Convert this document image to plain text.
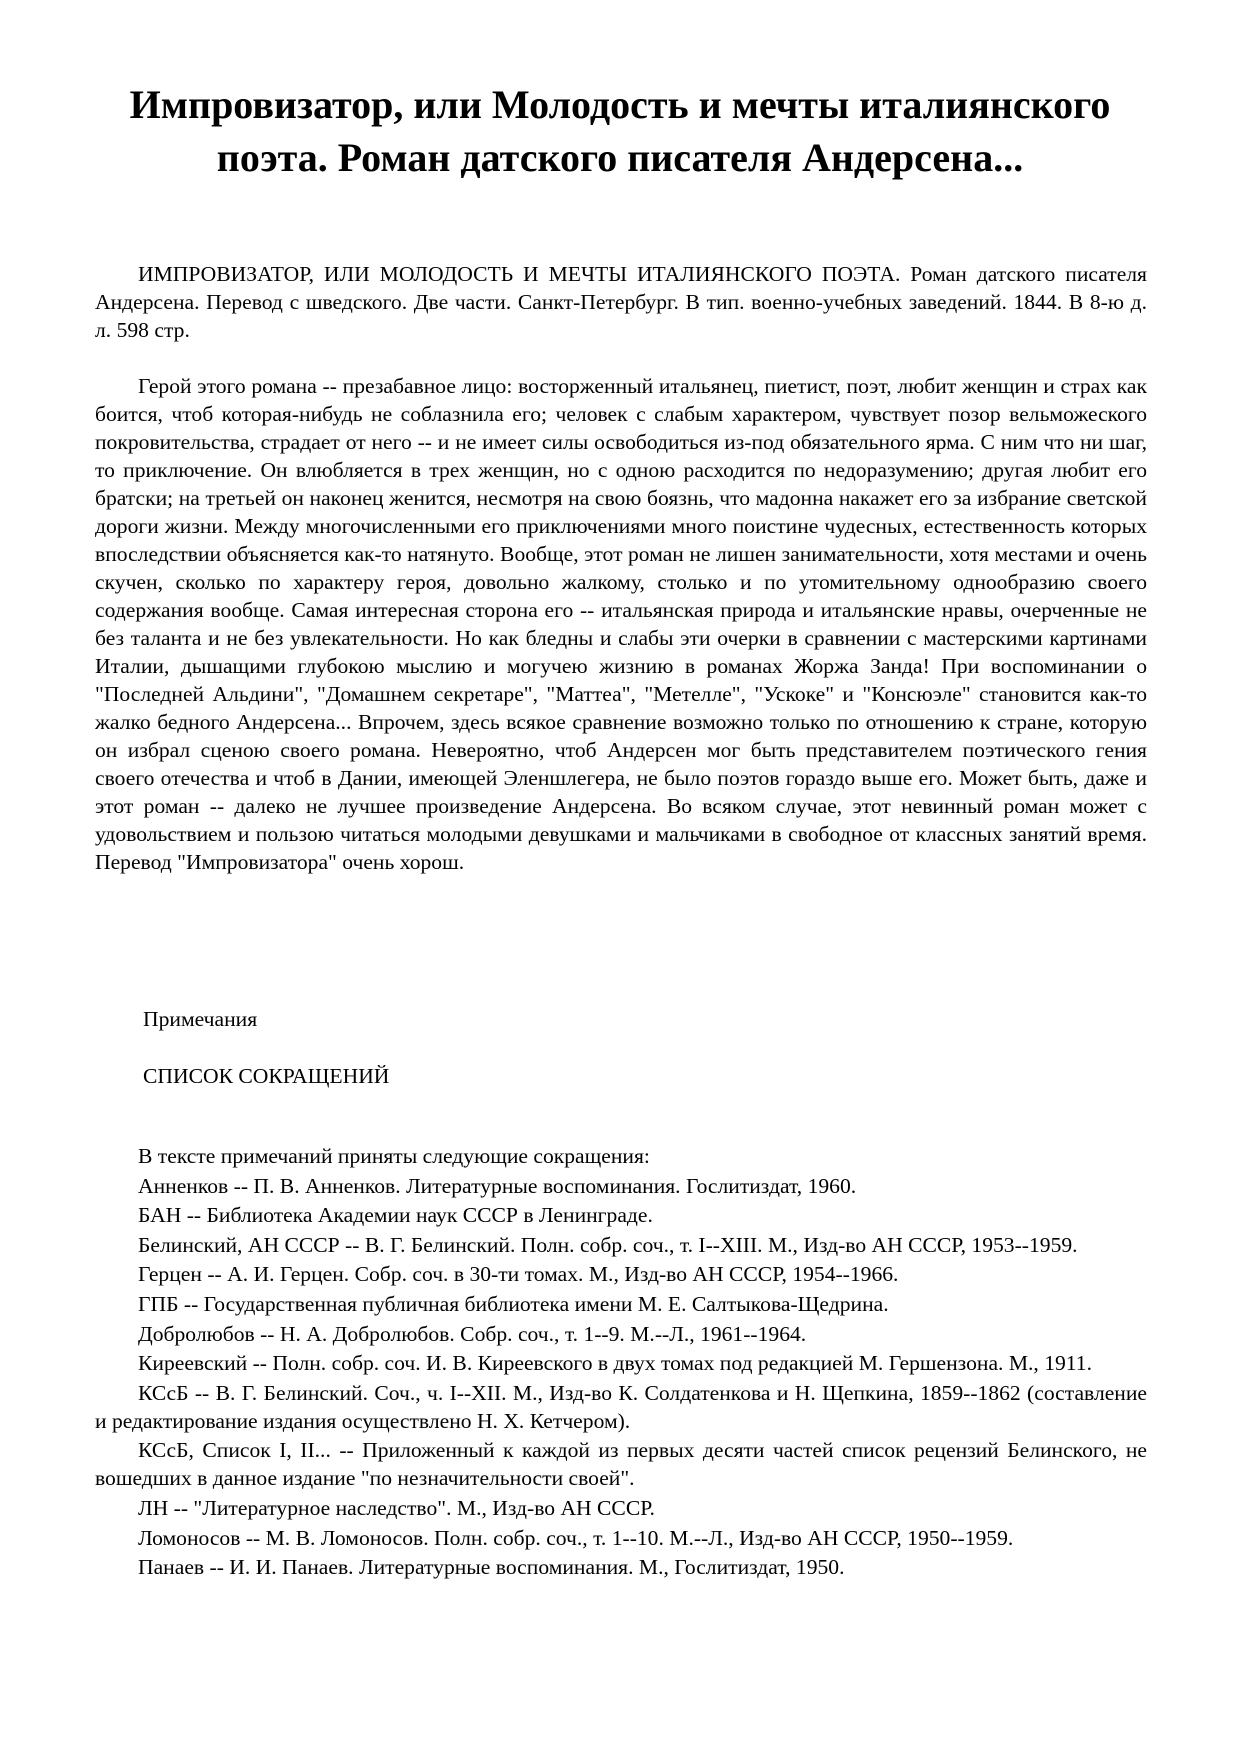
Импровизатор, или Молодость и мечты италиянского поэта. Роман датского писателя Андерсена...

ИМПРОВИЗАТОР, ИЛИ МОЛОДОСТЬ И МЕЧТЫ ИТАЛИЯНСКОГО ПОЭТА. Роман датского писателя Андерсена. Перевод с шведского. Две части. Санкт-Петербург. В тип. военно-учебных заведений. 1844. В 8-ю д. л. 598 стр.

Герой этого романа -- презабавное лицо: восторженный итальянец, пиетист, поэт, любит женщин и страх как боится, чтоб которая-нибудь не соблазнила его; человек с слабым характером, чувствует позор вельможеского покровительства, страдает от него -- и не имеет силы освободиться из-под обязательного ярма. С ним что ни шаг, то приключение. Он влюбляется в трех женщин, но с одною расходится по недоразумению; другая любит его братски; на третьей он наконец женится, несмотря на свою боязнь, что мадонна накажет его за избрание светской дороги жизни. Между многочисленными его приключениями много поистине чудесных, естественность которых впоследствии объясняется как-то натянуто. Вообще, этот роман не лишен занимательности, хотя местами и очень скучен, сколько по характеру героя, довольно жалкому, столько и по утомительному однообразию своего содержания вообще. Самая интересная сторона его -- итальянская природа и итальянские нравы, очерченные не без таланта и не без увлекательности. Но как бледны и слабы эти очерки в сравнении с мастерскими картинами Италии, дышащими глубокою мыслию и могучею жизнию в романах Жоржа Занда! При воспоминании о "Последней Альдини", "Домашнем секретаре", "Маттеа", "Метелле", "Ускоке" и "Консюэле" становится как-то жалко бедного Андерсена... Впрочем, здесь всякое сравнение возможно только по отношению к стране, которую он избрал сценою своего романа. Невероятно, чтоб Андерсен мог быть представителем поэтического гения своего отечества и чтоб в Дании, имеющей Эленшлегера, не было поэтов гораздо выше его. Может быть, даже и этот роман -- далеко не лучшее произведение Андерсена. Во всяком случае, этот невинный роман может с удовольствием и пользою читаться молодыми девушками и мальчиками в свободное от классных занятий время. Перевод "Импровизатора" очень хорош.

Примечания

СПИСОК СОКРАЩЕНИЙ

В тексте примечаний приняты следующие сокращения:

Анненков -- П. В. Анненков. Литературные воспоминания. Гослитиздат, 1960.

БАН -- Библиотека Академии наук СССР в Ленинграде.

Белинский, АН СССР -- В. Г. Белинский. Полн. собр. соч., т. I--XIII. М., Изд-во АН СССР, 1953--1959.

Герцен -- А. И. Герцен. Собр. соч. в 30-ти томах. М., Изд-во АН СССР, 1954--1966.

ГПБ -- Государственная публичная библиотека имени М. Е. Салтыкова-Щедрина.

Добролюбов -- Н. А. Добролюбов. Собр. соч., т. 1--9. М.--Л., 1961--1964.

Киреевский -- Полн. собр. соч. И. В. Киреевского в двух томах под редакцией М. Гершензона. М., 1911.

КСсБ -- В. Г. Белинский. Соч., ч. I--XII. М., Изд-во К. Солдатенкова и Н. Щепкина, 1859--1862 (составление и редактирование издания осуществлено Н. Х. Кетчером).

КСсБ, Список I, II... -- Приложенный к каждой из первых десяти частей список рецензий Белинского, не вошедших в данное издание "по незначительности своей".

ЛН -- "Литературное наследство". М., Изд-во АН СССР.

Ломоносов -- М. В. Ломоносов. Полн. собр. соч., т. 1--10. М.--Л., Изд-во АН СССР, 1950--1959.

Панаев -- И. И. Панаев. Литературные воспоминания. М., Гослитиздат, 1950.
